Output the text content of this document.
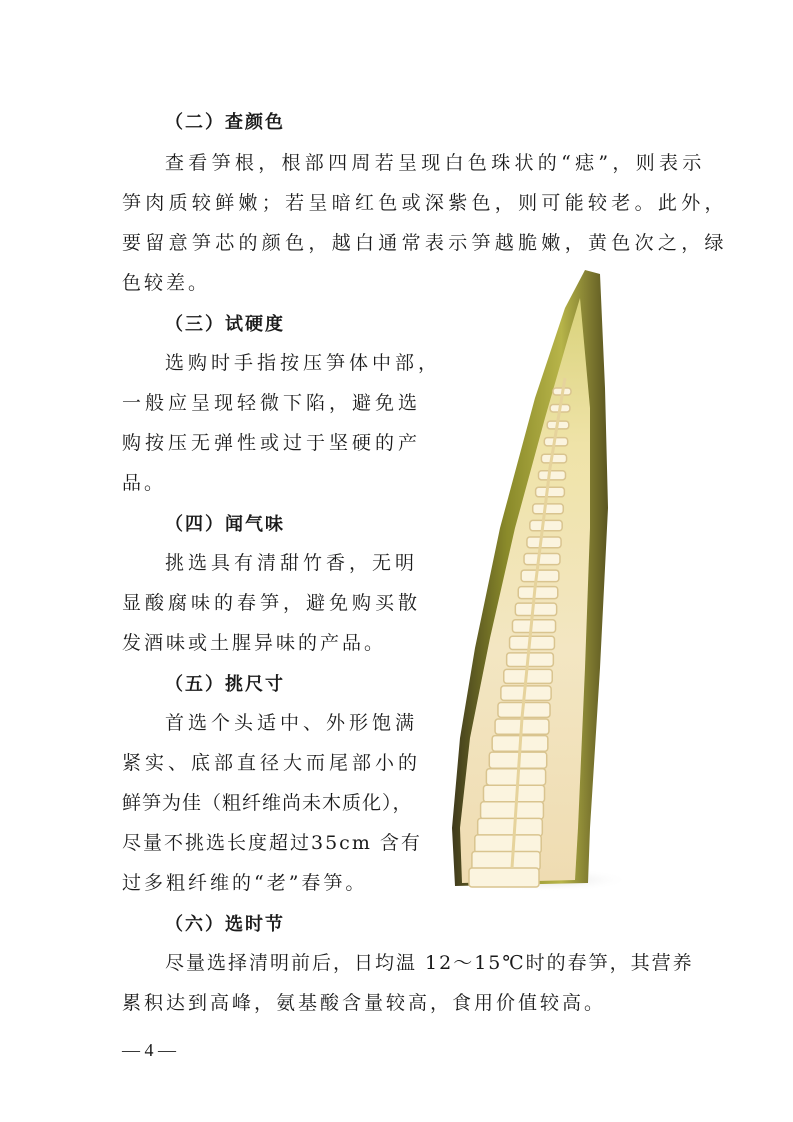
（二）查颜色
查看笋根，根部四周若呈现白色珠状的“痣”，则表示
笋肉质较鲜嫩；若呈暗红色或深紫色，则可能较老。此外，
要留意笋芯的颜色，越白通常表示笋越脆嫩，黄色次之，绿
色较差。
（三）试硬度
选购时手指按压笋体中部，
一般应呈现轻微下陷，避免选
购按压无弹性或过于坚硬的产
品。
（四）闻气味
挑选具有清甜竹香，无明
显酸腐味的春笋，避免购买散
发酒味或土腥异味的产品。
（五）挑尺寸
首选个头适中、外形饱满
紧实、底部直径大而尾部小的
鲜笋为佳（粗纤维尚未木质化），
尽量不挑选长度超过35cm 含有
过多粗纤维的“老”春笋。
（六）选时节
尽量选择清明前后，日均温 12～15℃时的春笋，其营养
累积达到高峰，氨基酸含量较高，食用价值较高。
— 4 —
